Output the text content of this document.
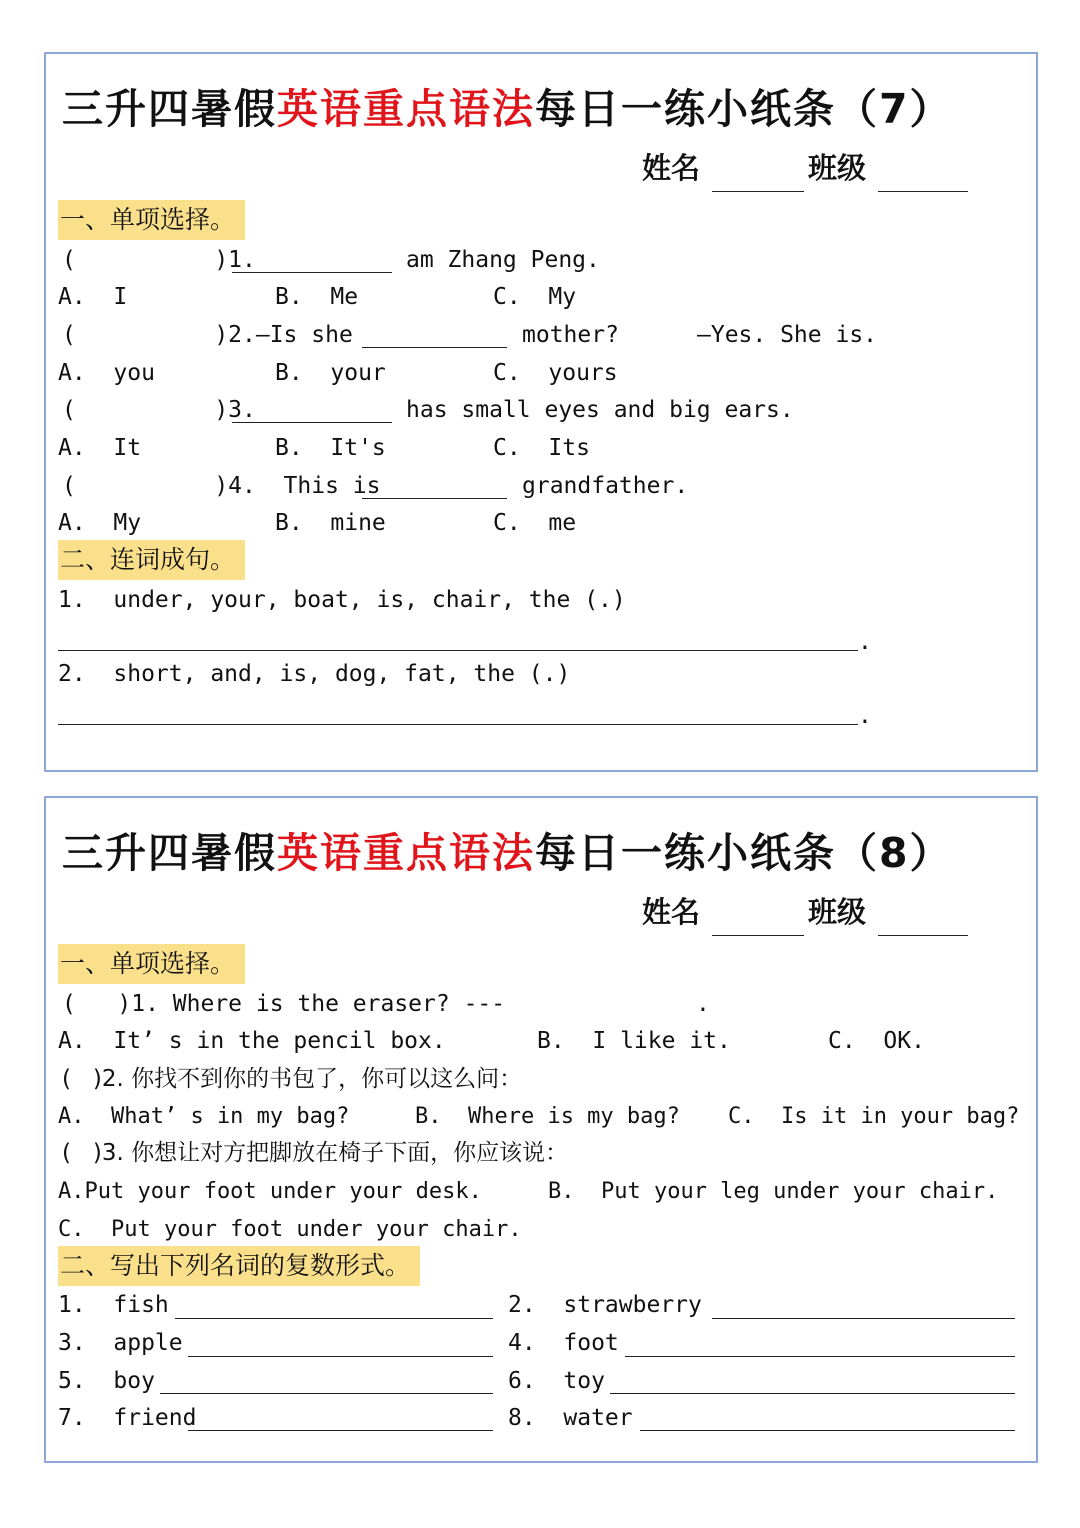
三升四暑假英语重点语法每日一练小纸条（7）
姓名	班级
一、单项选择。
(          )1.	am Zhang Peng.
A.  I	B.  Me	C.  My
(          )2.—Is she	mother?	—Yes. She is.
A.  you	B.  your	C.  yours
(          )3.	has small eyes and big ears.
A.  It	B.  It's	C.  Its
(          )4.  This is	grandfather.
A.  My	B.  mine	C.  me
二、连词成句。
1.  under, your, boat, is, chair, the (.)
.
2.  short, and, is, dog, fat, the (.)
.
三升四暑假英语重点语法每日一练小纸条（8）
姓名	班级
一、单项选择。
(   )1. Where is the eraser? ---	.
A.  It’ s in the pencil box.	B.  I like it.	C.  OK.
(   )2. 你找不到你的书包了，你可以这么问：
A.  What’ s in my bag?	B.  Where is my bag? C.  Is it in your bag?
(   )3. 你想让对方把脚放在椅子下面，你应该说：
A.Put your foot under your desk.	B.  Put your leg under your chair.
C.  Put your foot under your chair.
二、写出下列名词的复数形式。
1.  fish	2.  strawberry
3.  apple	4.  foot
5.  boy	6.  toy
7.  friend	8.  water
